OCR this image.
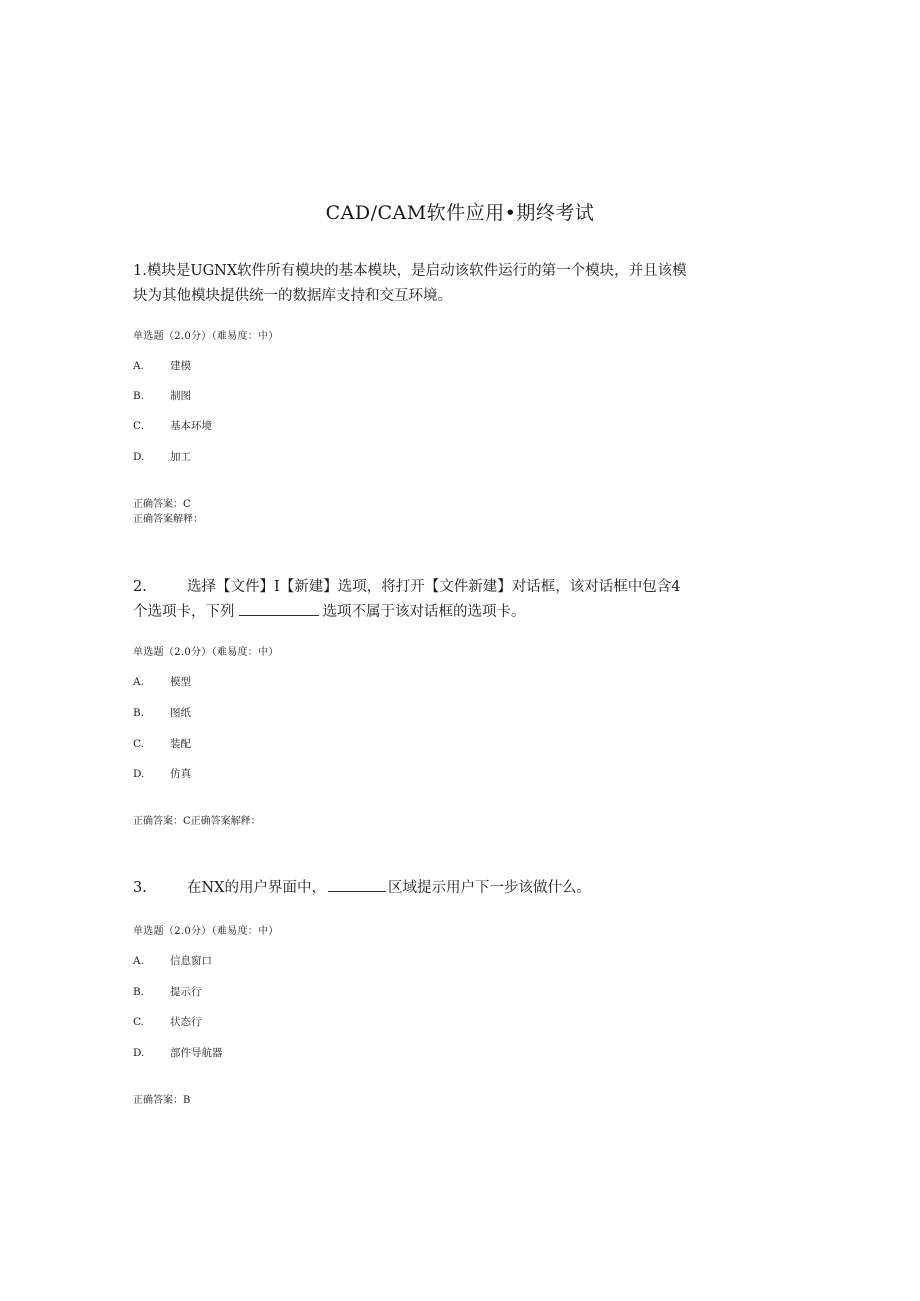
CAD/CAM软件应用•期终考试
1.模块是UGNX软件所有模块的基本模块，是启动该软件运行的第一个模块，并且该模
块为其他模块提供统一的数据库支持和交互环境。
单选题（2.0分）（难易度：中）
A. 建模
B. 制图
C. 基本环境
D. 加工
正确答案：C
正确答案解释：
2.	选择【文件】I【新建】选项，将打开【文件新建】对话框，该对话框中包含4
个选项卡，下列	选项不属于该对话框的选项卡。
单选题（2.0分）（难易度：中）
A. 模型
B. 图纸
C. 装配
D. 仿真
正确答案：C正确答案解释：
3.	在NX的用户界面中，	区域提示用户下一步该做什么。
单选题（2.0分）（难易度：中）
A. 信息窗口
B. 提示行
C. 状态行
D. 部件导航器
正确答案：B
